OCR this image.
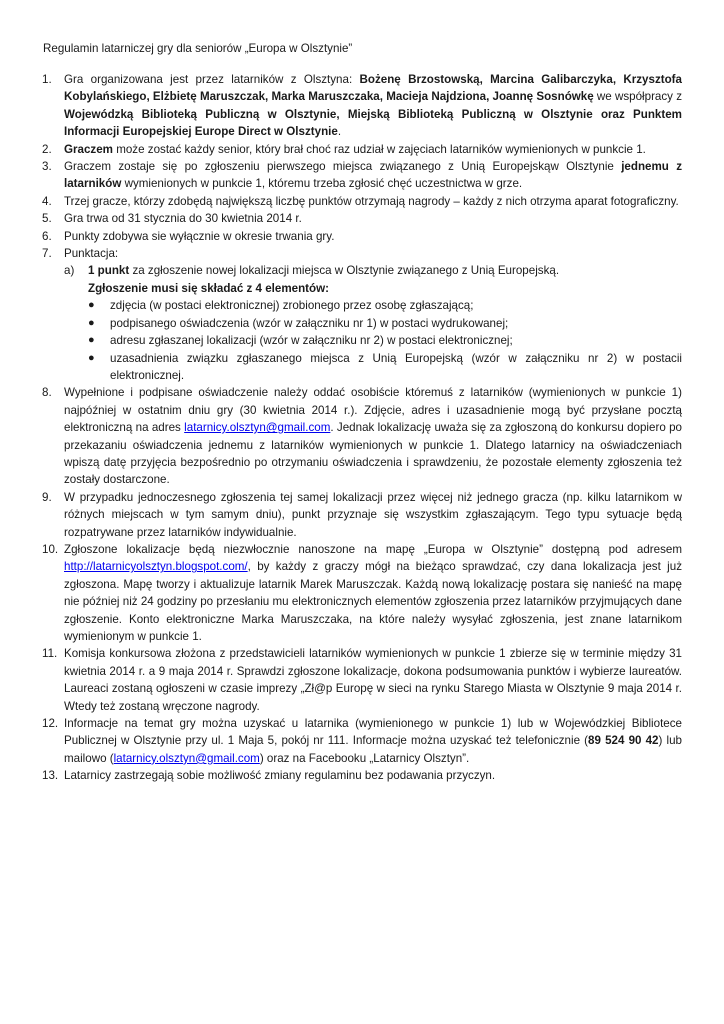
Regulamin latarniczej gry dla seniorów „Europa w Olsztynie”
1.	Gra organizowana jest przez latarników z Olsztyna: Bożenę Brzostowską, Marcina Galibarczyka, Krzysztofa Kobylańskiego, Elżbietę Maruszczak, Marka Maruszczaka, Macieja Najdziona, Joannę Sosnówkę we współpracy z Wojewódzką Biblioteką Publiczną w Olsztynie, Miejską Biblioteką Publiczną w Olsztynie oraz Punktem Informacji Europejskiej Europe Direct w Olsztynie.
2.	Graczem może zostać każdy senior, który brał choć raz udział w zajęciach latarników wymienionych w punkcie 1.
3.	Graczem zostaje się po zgłoszeniu pierwszego miejsca związanego z Unią Europejskąw Olsztynie jednemu z latarników wymienionych w punkcie 1, któremu trzeba zgłosić chęć uczestnictwa w grze.
4.	Trzej gracze, którzy zdobędą największą liczbę punktów otrzymają nagrody – każdy z nich otrzyma aparat fotograficzny.
5.	Gra trwa od 31 stycznia do 30 kwietnia 2014 r.
6.	Punkty zdobywa sie wyłącznie w okresie trwania gry.
7.	Punktacja:
a) 1 punkt za zgłoszenie nowej lokalizacji miejsca w Olsztynie związanego z Unią Europejską.
Zgłoszenie musi się składać z 4 elementów:
● zdjęcia (w postaci elektronicznej) zrobionego przez osobę zgłaszającą;
● podpisanego oświadczenia (wzór w załączniku nr 1) w postaci wydrukowanej;
● adresu zgłaszanej lokalizacji (wzór w załączniku nr 2) w postaci elektronicznej;
● uzasadnienia związku zgłaszanego miejsca z Unią Europejską (wzór w załączniku nr 2) w postacii elektronicznej.
8.	Wypełnione i podpisane oświadczenie należy oddać osobiście któremuś z latarników (wymienionych w punkcie 1) najpóźniej w ostatnim dniu gry (30 kwietnia 2014 r.). Zdjęcie, adres i uzasadnienie mogą być przysłane pocztą elektroniczną na adres latarnicy.olsztyn@gmail.com. Jednak lokalizację uważa się za zgłoszoną do konkursu dopiero po przekazaniu oświadczenia jednemu z latarników wymienionych w punkcie 1. Dlatego latarnicy na oświadczeniach wpiszą datę przyjęcia bezpośrednio po otrzymaniu oświadczenia i sprawdzeniu, że pozostałe elementy zgłoszenia też zostały dostarczone.
9.	W przypadku jednoczesnego zgłoszenia tej samej lokalizacji przez więcej niż jednego gracza (np. kilku latarnikom w różnych miejscach w tym samym dniu), punkt przyznaje się wszystkim zgłaszającym. Tego typu sytuacje będą rozpatrywane przez latarników indywidualnie.
10. Zgłoszone lokalizacje będą niezwłocznie nanoszone na mapę „Europa w Olsztynie” dostępną pod adresem http://latarnicyolsztyn.blogspot.com/, by każdy z graczy mógł na bieżąco sprawdzać, czy dana lokalizacja jest już zgłoszona. Mapę tworzy i aktualizuje latarnik Marek Maruszczak. Każdą nową lokalizację postara się nanieść na mapę nie później niż 24 godziny po przesłaniu mu elektronicznych elementów zgłoszenia przez latarników przyjmujących dane zgłoszenie. Konto elektroniczne Marka Maruszczaka, na które należy wysyłać zgłoszenia, jest znane latarnikom wymienionym w punkcie 1.
11. Komisja konkursowa złożona z przedstawicieli latarników wymienionych w punkcie 1 zbierze się w terminie między 31 kwietnia 2014 r. a 9 maja 2014 r. Sprawdzi zgłoszone lokalizacje, dokona podsumowania punktów i wybierze laureatów. Laureaci zostaną ogłoszeni w czasie imprezy „Zł@p Europę w sieci na rynku Starego Miasta w Olsztynie 9 maja 2014 r. Wtedy też zostaną wręczone nagrody.
12. Informacje na temat gry można uzyskać u latarnika (wymienionego w punkcie 1) lub w Wojewódzkiej Bibliotece Publicznej w Olsztynie przy ul. 1 Maja 5, pokój nr 111. Informacje można uzyskać też telefonicznie (89 524 90 42) lub mailowo (latarnicy.olsztyn@gmail.com) oraz na Facebooku „Latarnicy Olsztyn”.
13. Latarnicy zastrzegają sobie możliwość zmiany regulaminu bez podawania przyczyn.
